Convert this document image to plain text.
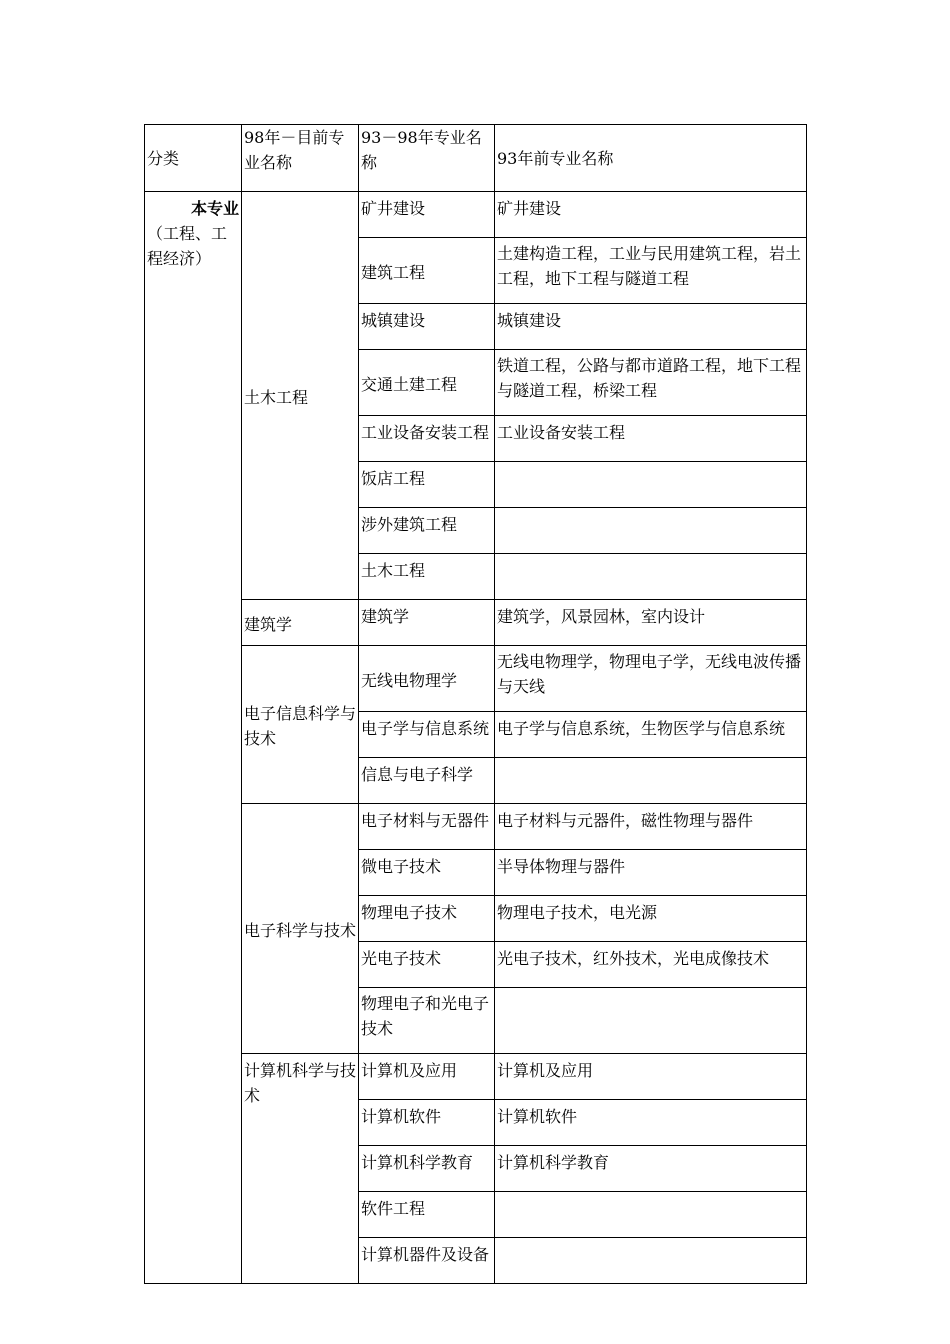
分类	98年－目前专业名称	93－98年专业名称	93年前专业名称

本专业
（工程、工程经济）	土木工程	矿井建设	矿井建设
		建筑工程	土建构造工程，工业与民用建筑工程，岩土工程，地下工程与隧道工程
		城镇建设	城镇建设
		交通土建工程	铁道工程，公路与都市道路工程，地下工程与隧道工程，桥梁工程
		工业设备安装工程	工业设备安装工程
		饭店工程	
		涉外建筑工程	
		土木工程	
	建筑学	建筑学	建筑学，风景园林，室内设计
	电子信息科学与技术	无线电物理学	无线电物理学，物理电子学，无线电波传播与天线
		电子学与信息系统	电子学与信息系统，生物医学与信息系统
		信息与电子科学	
	电子科学与技术	电子材料与无器件	电子材料与元器件，磁性物理与器件
		微电子技术	半导体物理与器件
		物理电子技术	物理电子技术，电光源
		光电子技术	光电子技术，红外技术，光电成像技术
		物理电子和光电子技术	
	计算机科学与技术	计算机及应用	计算机及应用
		计算机软件	计算机软件
		计算机科学教育	计算机科学教育
		软件工程	
		计算机器件及设备	
